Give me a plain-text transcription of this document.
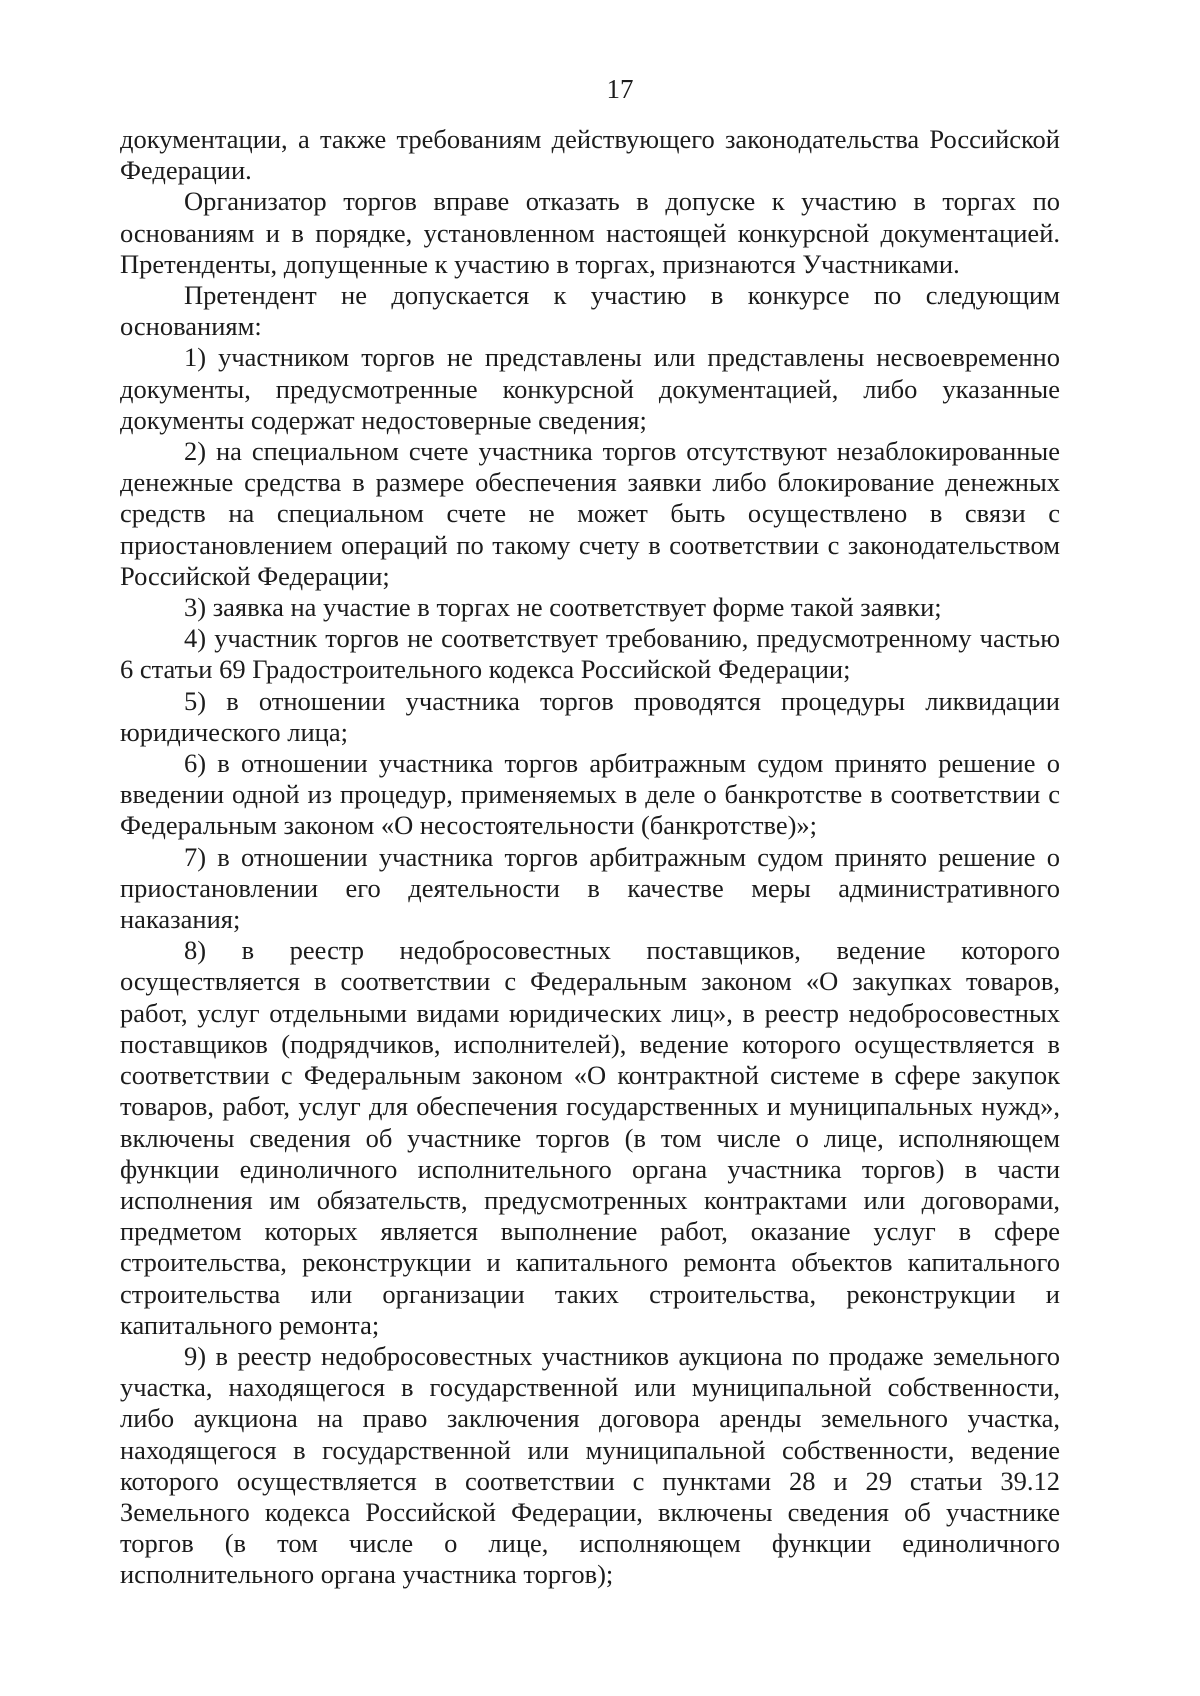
17

документации, а также требованиям действующего законодательства Российской Федерации.

Организатор торгов вправе отказать в допуске к участию в торгах по основаниям и в порядке, установленном настоящей конкурсной документацией. Претенденты, допущенные к участию в торгах, признаются Участниками.

Претендент не допускается к участию в конкурсе по следующим основаниям:

1) участником торгов не представлены или представлены несвоевременно документы, предусмотренные конкурсной документацией, либо указанные документы содержат недостоверные сведения;

2) на специальном счете участника торгов отсутствуют незаблокированные денежные средства в размере обеспечения заявки либо блокирование денежных средств на специальном счете не может быть осуществлено в связи с приостановлением операций по такому счету в соответствии с законодательством Российской Федерации;

3) заявка на участие в торгах не соответствует форме такой заявки;

4) участник торгов не соответствует требованию, предусмотренному частью 6 статьи 69 Градостроительного кодекса Российской Федерации;

5) в отношении участника торгов проводятся процедуры ликвидации юридического лица;

6) в отношении участника торгов арбитражным судом принято решение о введении одной из процедур, применяемых в деле о банкротстве в соответствии с Федеральным законом «О несостоятельности (банкротстве)»;

7) в отношении участника торгов арбитражным судом принято решение о приостановлении его деятельности в качестве меры административного наказания;

8) в реестр недобросовестных поставщиков, ведение которого осуществляется в соответствии с Федеральным законом «О закупках товаров, работ, услуг отдельными видами юридических лиц», в реестр недобросовестных поставщиков (подрядчиков, исполнителей), ведение которого осуществляется в соответствии с Федеральным законом «О контрактной системе в сфере закупок товаров, работ, услуг для обеспечения государственных и муниципальных нужд», включены сведения об участнике торгов (в том числе о лице, исполняющем функции единоличного исполнительного органа участника торгов) в части исполнения им обязательств, предусмотренных контрактами или договорами, предметом которых является выполнение работ, оказание услуг в сфере строительства, реконструкции и капитального ремонта объектов капитального строительства или организации таких строительства, реконструкции и капитального ремонта;

9) в реестр недобросовестных участников аукциона по продаже земельного участка, находящегося в государственной или муниципальной собственности, либо аукциона на право заключения договора аренды земельного участка, находящегося в государственной или муниципальной собственности, ведение которого осуществляется в соответствии с пунктами 28 и 29 статьи 39.12 Земельного кодекса Российской Федерации, включены сведения об участнике торгов (в том числе о лице, исполняющем функции единоличного исполнительного органа участника торгов);
